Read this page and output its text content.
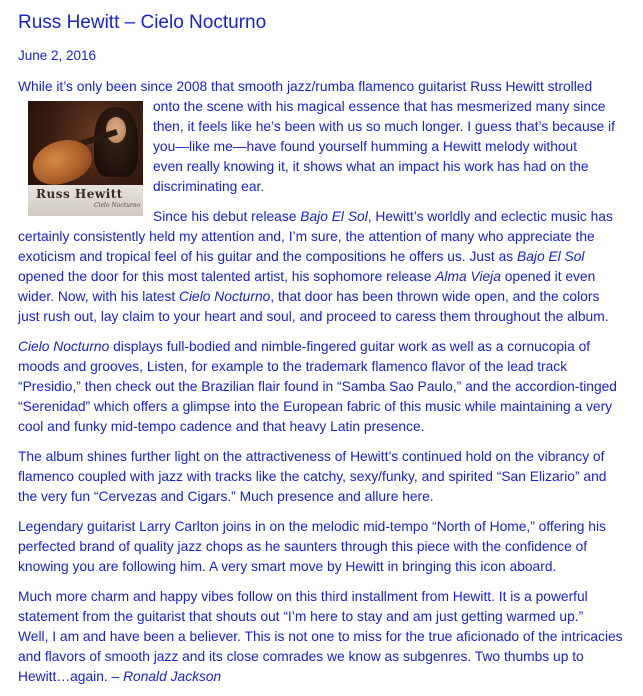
Russ Hewitt – Cielo Nocturno
June 2, 2016
Russ Hewitt
Cielo Nocturno
While it’s only been since 2008 that smooth jazz/rumba flamenco guitarist Russ Hewitt strolled
onto the scene with his magical essence that has mesmerized many since
then, it feels like he’s been with us so much longer. I guess that’s because if
you—like me—have found yourself humming a Hewitt melody without
even really knowing it, it shows what an impact his work has had on the
discriminating ear.
Since his debut release Bajo El Sol, Hewitt’s worldly and eclectic music has
certainly consistently held my attention and, I’m sure, the attention of many who appreciate the
exoticism and tropical feel of his guitar and the compositions he offers us. Just as Bajo El Sol
opened the door for this most talented artist, his sophomore release Alma Vieja opened it even
wider. Now, with his latest Cielo Nocturno, that door has been thrown wide open, and the colors
just rush out, lay claim to your heart and soul, and proceed to caress them throughout the album.
Cielo Nocturno displays full-bodied and nimble-fingered guitar work as well as a cornucopia of
moods and grooves, Listen, for example to the trademark flamenco flavor of the lead track
“Presidio,” then check out the Brazilian flair found in “Samba Sao Paulo,” and the accordion-tinged
“Serenidad” which offers a glimpse into the European fabric of this music while maintaining a very
cool and funky mid-tempo cadence and that heavy Latin presence.
The album shines further light on the attractiveness of Hewitt’s continued hold on the vibrancy of
flamenco coupled with jazz with tracks like the catchy, sexy/funky, and spirited “San Elizario” and
the very fun “Cervezas and Cigars.” Much presence and allure here.
Legendary guitarist Larry Carlton joins in on the melodic mid-tempo “North of Home,” offering his
perfected brand of quality jazz chops as he saunters through this piece with the confidence of
knowing you are following him. A very smart move by Hewitt in bringing this icon aboard.
Much more charm and happy vibes follow on this third installment from Hewitt. It is a powerful
statement from the guitarist that shouts out “I’m here to stay and am just getting warmed up.”
Well, I am and have been a believer. This is not one to miss for the true aficionado of the intricacies
and flavors of smooth jazz and its close comrades we know as subgenres. Two thumbs up to
Hewitt…again. – Ronald Jackson
